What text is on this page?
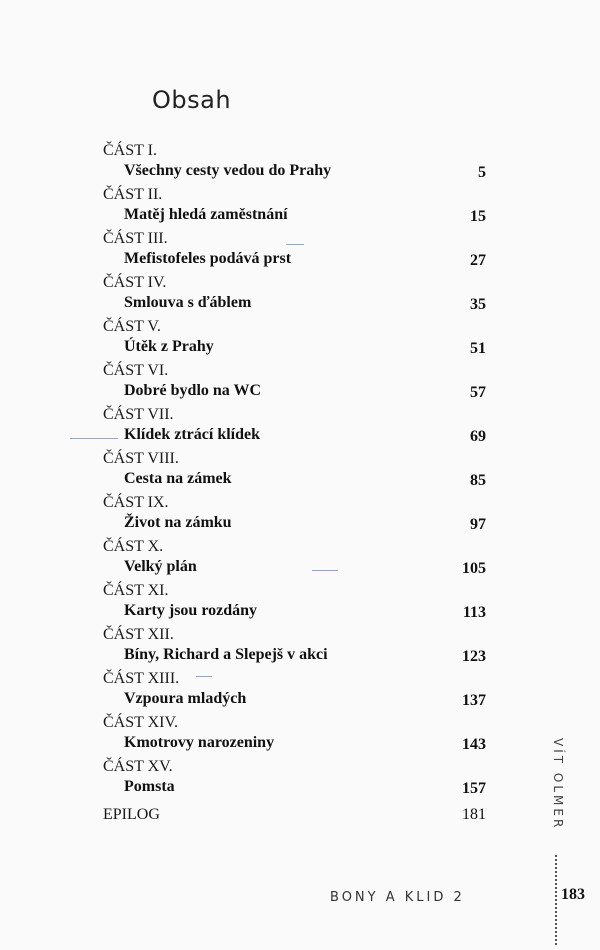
Obsah
ČÁST I.
Všechny cesty vedou do Prahy	5
ČÁST II.
Matěj hledá zaměstnání	15
ČÁST III.
Mefistofeles podává prst	27
ČÁST IV.
Smlouva s ďáblem	35
ČÁST V.
Útěk z Prahy	51
ČÁST VI.
Dobré bydlo na WC	57
ČÁST VII.
Klídek ztrácí klídek	69
ČÁST VIII.
Cesta na zámek	85
ČÁST IX.
Život na zámku	97
ČÁST X.
Velký plán	105
ČÁST XI.
Karty jsou rozdány	113
ČÁST XII.
Bíny, Richard a Slepejš v akci	123
ČÁST XIII.
Vzpoura mladých	137
ČÁST XIV.
Kmotrovy narozeniny	143
ČÁST XV.
Pomsta	157
EPILOG	181	VÍT OLMER
BONY A KLID 2	183
